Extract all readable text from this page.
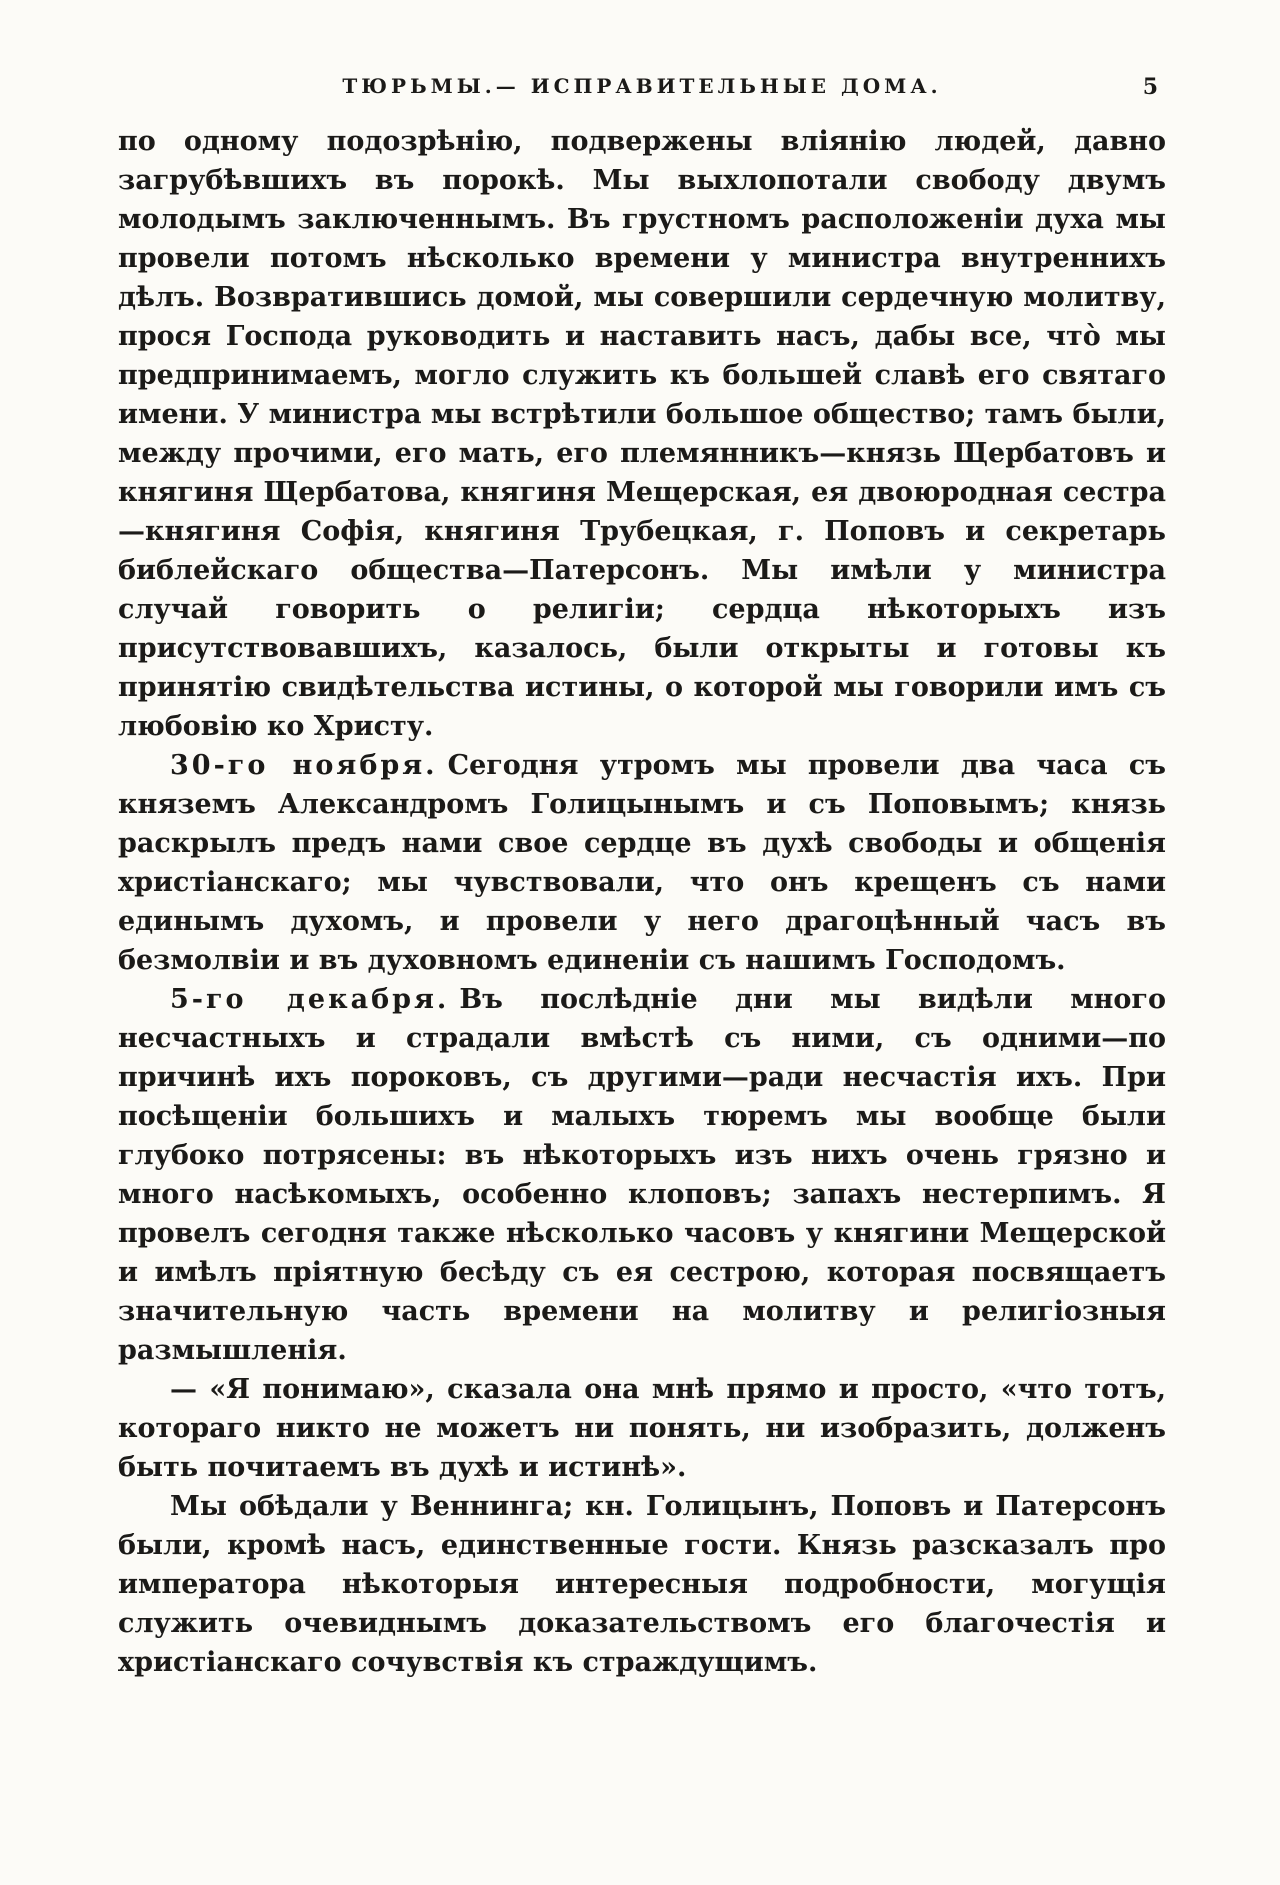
ТЮРЬМЫ.— ИСПРАВИТЕЛЬНЫЕ ДОМА.	5

по одному подозрѣнію, подвержены вліянію людей, давно загрубѣвшихъ въ порокѣ. Мы выхлопотали свободу двумъ молодымъ заключеннымъ. Въ грустномъ расположеніи духа мы провели потомъ нѣсколько времени у министра внутреннихъ дѣлъ. Возвратившись домой, мы совершили сердечную молитву, прося Господа руководить и наставить насъ, дабы все, что̀ мы предпринимаемъ, могло служить къ большей славѣ его святаго имени. У министра мы встрѣтили большое общество; тамъ были, между прочими, его мать, его племянникъ—князь Щербатовъ и княгиня Щербатова, княгиня Мещерская, ея двоюродная сестра—княгиня Софія, княгиня Трубецкая, г. Поповъ и секретарь библейскаго общества—Патерсонъ. Мы имѣли у министра случай говорить о религіи; сердца нѣкоторыхъ изъ присутствовавшихъ, казалось, были открыты и готовы къ принятію свидѣтельства истины, о которой мы говорили имъ съ любовію ко Христу.

30-го ноября. Сегодня утромъ мы провели два часа съ княземъ Александромъ Голицынымъ и съ Поповымъ; князь раскрылъ предъ нами свое сердце въ духѣ свободы и общенія христіанскаго; мы чувствовали, что онъ крещенъ съ нами единымъ духомъ, и провели у него драгоцѣнный часъ въ безмолвіи и въ духовномъ единеніи съ нашимъ Господомъ.

5-го декабря. Въ послѣдніе дни мы видѣли много несчастныхъ и страдали вмѣстѣ съ ними, съ одними—по причинѣ ихъ пороковъ, съ другими—ради несчастія ихъ. При посѣщеніи большихъ и малыхъ тюремъ мы вообще были глубоко потрясены: въ нѣкоторыхъ изъ нихъ очень грязно и много насѣкомыхъ, особенно клоповъ; запахъ нестерпимъ. Я провелъ сегодня также нѣсколько часовъ у княгини Мещерской и имѣлъ пріятную бесѣду съ ея сестрою, которая посвящаетъ значительную часть времени на молитву и религіозныя размышленія.

— «Я понимаю», сказала она мнѣ прямо и просто, «что тотъ, котораго никто не можетъ ни понять, ни изобразить, долженъ быть почитаемъ въ духѣ и истинѣ».

Мы обѣдали у Веннинга; кн. Голицынъ, Поповъ и Патерсонъ были, кромѣ насъ, единственные гости. Князь разсказалъ про императора нѣкоторыя интересныя подробности, могущія служить очевиднымъ доказательствомъ его благочестія и христіанскаго сочувствія къ страждущимъ.
